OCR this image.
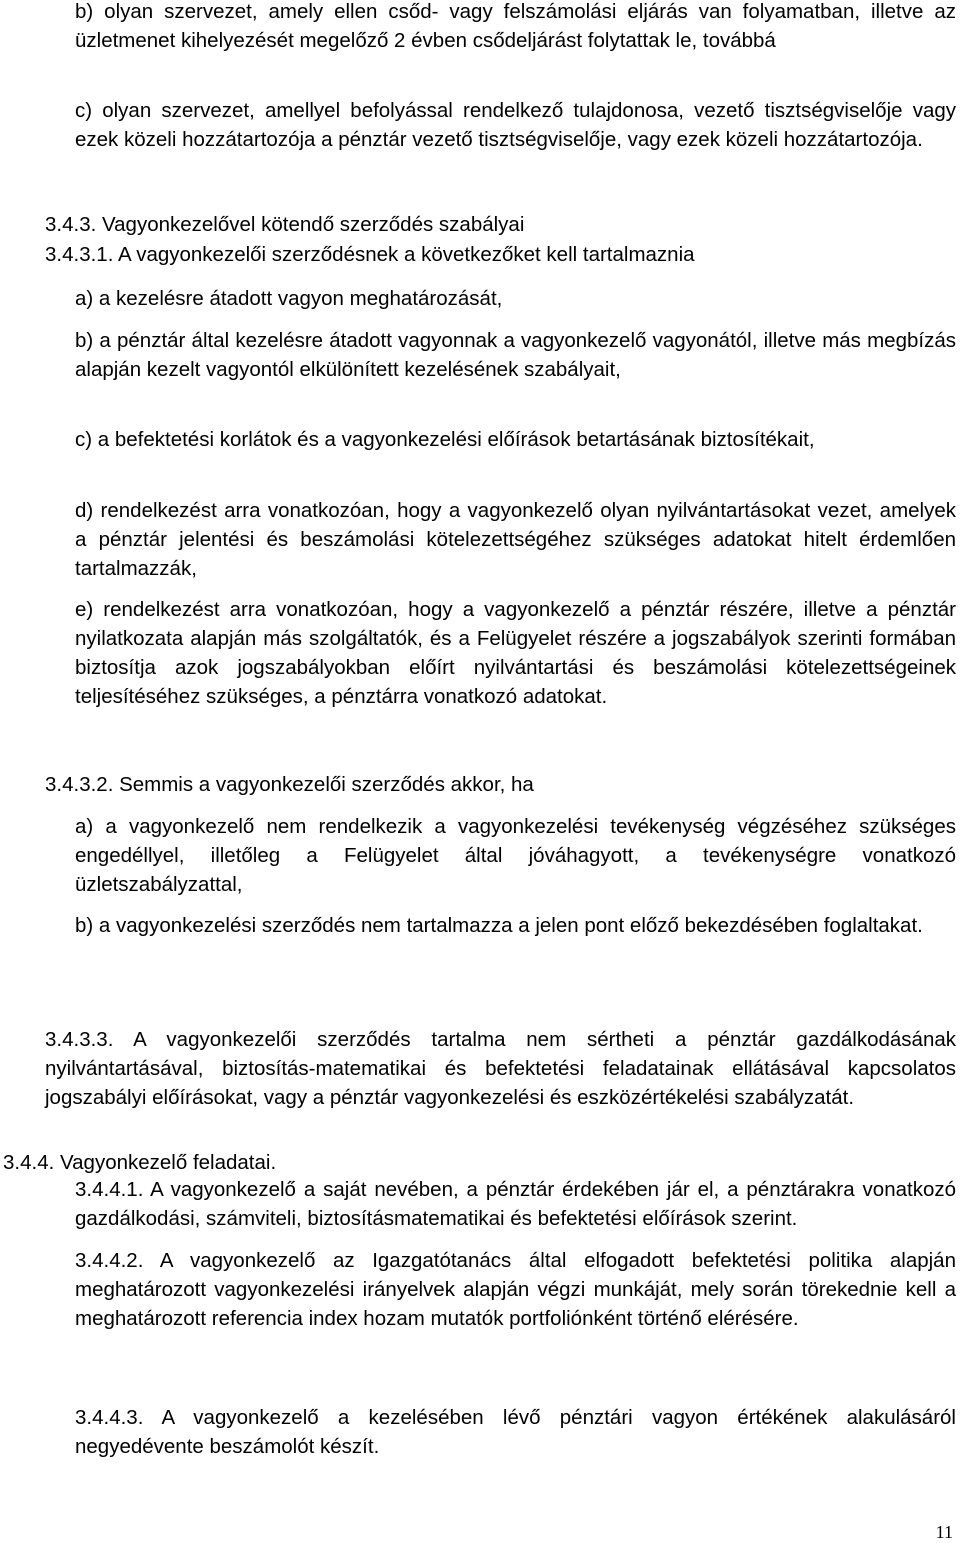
b) olyan szervezet, amely ellen csőd- vagy felszámolási eljárás van folyamatban, illetve az üzletmenet kihelyezését megelőző 2 évben csődeljárást folytattak le, továbbá

c) olyan szervezet, amellyel befolyással rendelkező tulajdonosa, vezető tisztségviselője vagy ezek közeli hozzátartozója a pénztár vezető tisztségviselője, vagy ezek közeli hozzátartozója.

3.4.3. Vagyonkezelővel kötendő szerződés szabályai

3.4.3.1. A vagyonkezelői szerződésnek a következőket kell tartalmaznia

a) a kezelésre átadott vagyon meghatározását,

b) a pénztár által kezelésre átadott vagyonnak a vagyonkezelő vagyonától, illetve más megbízás alapján kezelt vagyontól elkülönített kezelésének szabályait,

c) a befektetési korlátok és a vagyonkezelési előírások betartásának biztosítékait,

d) rendelkezést arra vonatkozóan, hogy a vagyonkezelő olyan nyilvántartásokat vezet, amelyek a pénztár jelentési és beszámolási kötelezettségéhez szükséges adatokat hitelt érdemlően tartalmazzák,

e) rendelkezést arra vonatkozóan, hogy a vagyonkezelő a pénztár részére, illetve a pénztár nyilatkozata alapján más szolgáltatók, és a Felügyelet részére a jogszabályok szerinti formában biztosítja azok jogszabályokban előírt nyilvántartási és beszámolási kötelezettségeinek teljesítéséhez szükséges, a pénztárra vonatkozó adatokat.

3.4.3.2. Semmis a vagyonkezelői szerződés akkor, ha

a) a vagyonkezelő nem rendelkezik a vagyonkezelési tevékenység végzéséhez szükséges engedéllyel, illetőleg a Felügyelet által jóváhagyott, a tevékenységre vonatkozó üzletszabályzattal,

b) a vagyonkezelési szerződés nem tartalmazza a jelen pont előző bekezdésében foglaltakat.

3.4.3.3. A vagyonkezelői szerződés tartalma nem sértheti a pénztár gazdálkodásának nyilvántartásával, biztosítás-matematikai és befektetési feladatainak ellátásával kapcsolatos jogszabályi előírásokat, vagy a pénztár vagyonkezelési és eszközértékelési szabályzatát.

3.4.4. Vagyonkezelő feladatai.

3.4.4.1. A vagyonkezelő a saját nevében, a pénztár érdekében jár el, a pénztárakra vonatkozó gazdálkodási, számviteli, biztosításmatematikai és befektetési előírások szerint.

3.4.4.2. A vagyonkezelő az Igazgatótanács által elfogadott befektetési politika alapján meghatározott vagyonkezelési irányelvek alapján végzi munkáját, mely során törekednie kell a meghatározott referencia index hozam mutatók portfoliónként történő elérésére.

3.4.4.3. A vagyonkezelő a kezelésében lévő pénztári vagyon értékének alakulásáról negyedévente beszámolót készít.

11
